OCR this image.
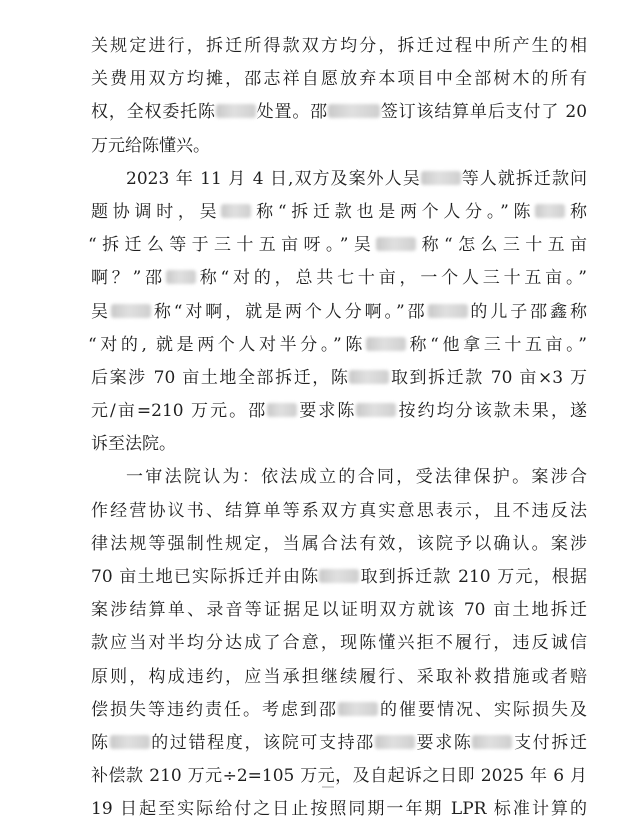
关规定进行，拆迁所得款双方均分，拆迁过程中所产生的相
关费用双方均摊，邵志祥自愿放弃本项目中全部树木的所有
权，全权委托陈 处置。邵	签订该结算单后支付了 20
万元给陈懂兴。
2023 年 11 月 4 日,双方及案外人吴 等人就拆迁款问
题协调时，吴 称“拆迁款也是两个人分。”陈 称
“拆迁么等于三十五亩呀。”吴 称“怎么三十五亩
啊？”邵 称“对的，总共七十亩，一个人三十五亩。”
吴 称“对啊，就是两个人分啊。”邵 的儿子邵鑫称
“对的, 就是两个人对半分。”陈 称“他拿三十五亩。”
后案涉 70 亩土地全部拆迁，陈 取到拆迁款 70 亩×3 万
元/亩=210 万元。邵 要求陈 按约均分该款未果，遂
诉至法院。
一审法院认为：依法成立的合同，受法律保护。案涉合
作经营协议书、结算单等系双方真实意思表示，且不违反法
律法规等强制性规定，当属合法有效，该院予以确认。案涉
70 亩土地已实际拆迁并由陈 取到拆迁款 210 万元，根据
案涉结算单、录音等证据足以证明双方就该 70 亩土地拆迁
款应当对半均分达成了合意，现陈懂兴拒不履行，违反诚信
原则，构成违约，应当承担继续履行、采取补救措施或者赔
偿损失等违约责任。考虑到邵 的催要情况、实际损失及
陈 的过错程度，该院可支持邵 要求陈 支付拆迁
补偿款 210 万元÷2=105 万元，及自起诉之日即 2025 年 6 月
19 日起至实际给付之日止按照同期一年期 LPR 标准计算的
